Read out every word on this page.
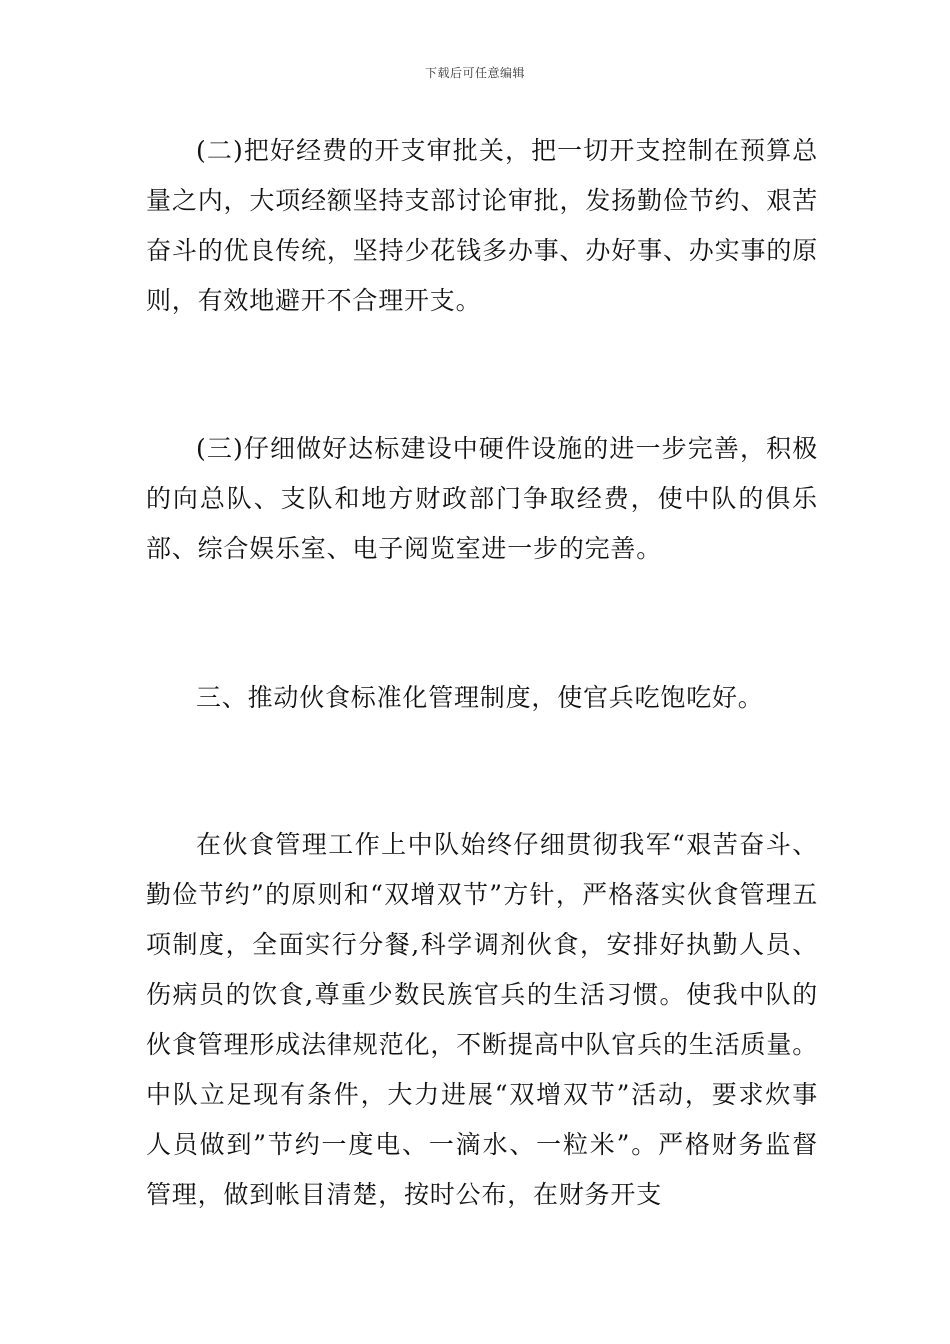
下载后可任意编辑

(二)把好经费的开支审批关，把一切开支控制在预算总量之内，大项经额坚持支部讨论审批，发扬勤俭节约、艰苦奋斗的优良传统，坚持少花钱多办事、办好事、办实事的原则，有效地避开不合理开支。

(三)仔细做好达标建设中硬件设施的进一步完善，积极的向总队、支队和地方财政部门争取经费，使中队的俱乐部、综合娱乐室、电子阅览室进一步的完善。

三、推动伙食标准化管理制度，使官兵吃饱吃好。

在伙食管理工作上中队始终仔细贯彻我军“艰苦奋斗、勤俭节约”的原则和“双增双节”方针，严格落实伙食管理五项制度，全面实行分餐,科学调剂伙食，安排好执勤人员、伤病员的饮食,尊重少数民族官兵的生活习惯。使我中队的伙食管理形成法律规范化，不断提高中队官兵的生活质量。中队立足现有条件，大力进展“双增双节”活动，要求炊事人员做到”节约一度电、一滴水、一粒米”。严格财务监督管理，做到帐目清楚，按时公布，在财务开支
